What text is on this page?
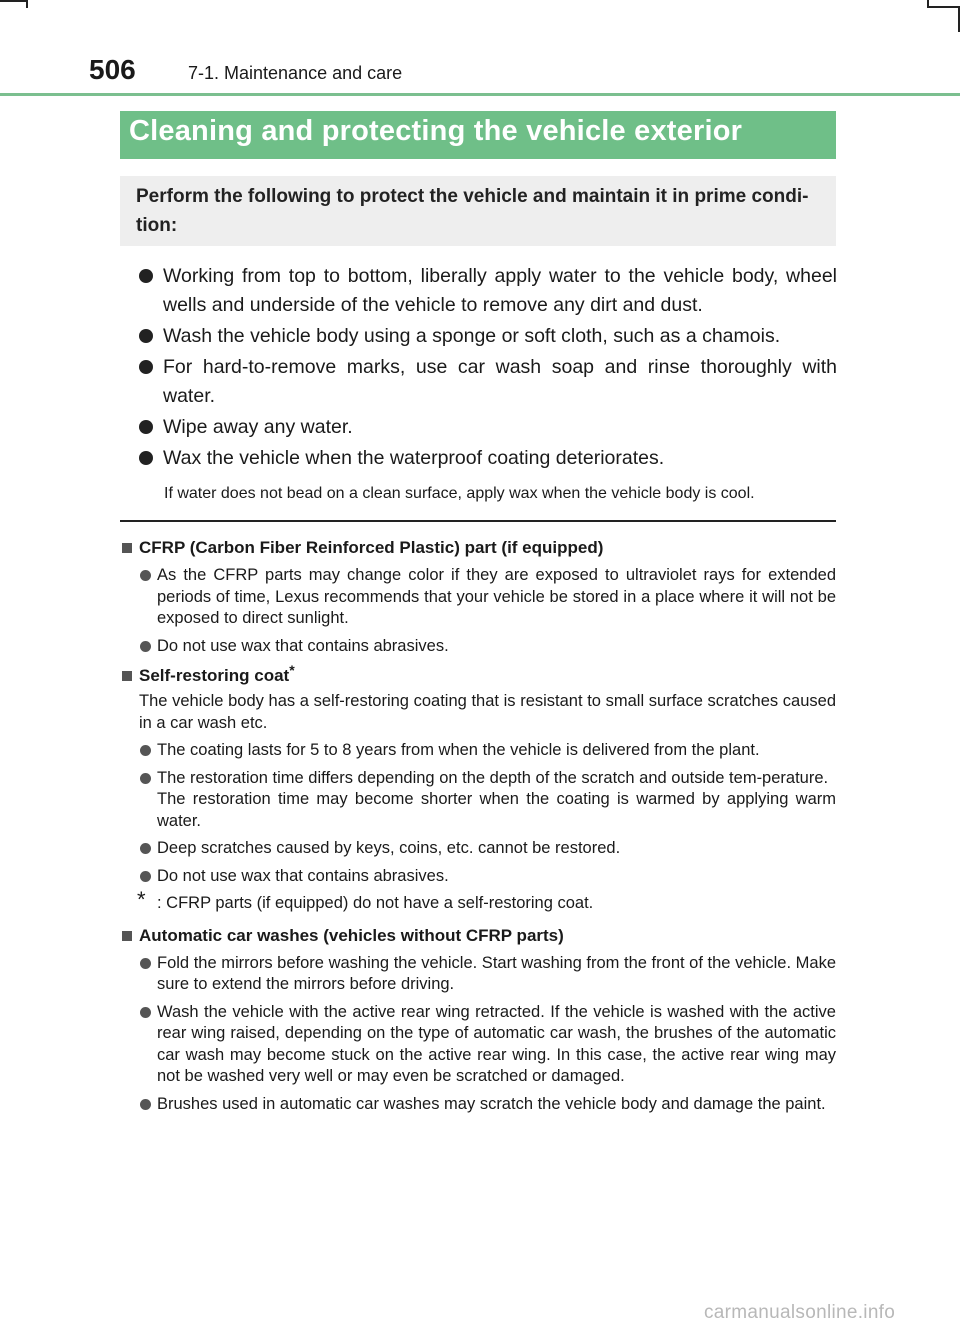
506	7-1. Maintenance and care
Cleaning and protecting the vehicle exterior
Perform the following to protect the vehicle and maintain it in prime condi-tion:
Working from top to bottom, liberally apply water to the vehicle body, wheel wells and underside of the vehicle to remove any dirt and dust.
Wash the vehicle body using a sponge or soft cloth, such as a chamois.
For hard-to-remove marks, use car wash soap and rinse thoroughly with water.
Wipe away any water.
Wax the vehicle when the waterproof coating deteriorates.
If water does not bead on a clean surface, apply wax when the vehicle body is cool.
CFRP (Carbon Fiber Reinforced Plastic) part (if equipped)
As the CFRP parts may change color if they are exposed to ultraviolet rays for extended periods of time, Lexus recommends that your vehicle be stored in a place where it will not be exposed to direct sunlight.
Do not use wax that contains abrasives.
Self-restoring coat*
The vehicle body has a self-restoring coating that is resistant to small surface scratches caused in a car wash etc.
The coating lasts for 5 to 8 years from when the vehicle is delivered from the plant.
The restoration time differs depending on the depth of the scratch and outside tem-perature.
The restoration time may become shorter when the coating is warmed by applying warm water.
Deep scratches caused by keys, coins, etc. cannot be restored.
Do not use wax that contains abrasives.
* : CFRP parts (if equipped) do not have a self-restoring coat.
Automatic car washes (vehicles without CFRP parts)
Fold the mirrors before washing the vehicle. Start washing from the front of the vehicle. Make sure to extend the mirrors before driving.
Wash the vehicle with the active rear wing retracted. If the vehicle is washed with the active rear wing raised, depending on the type of automatic car wash, the brushes of the automatic car wash may become stuck on the active rear wing. In this case, the active rear wing may not be washed very well or may even be scratched or damaged.
Brushes used in automatic car washes may scratch the vehicle body and damage the paint.
carmanualsonline.info
